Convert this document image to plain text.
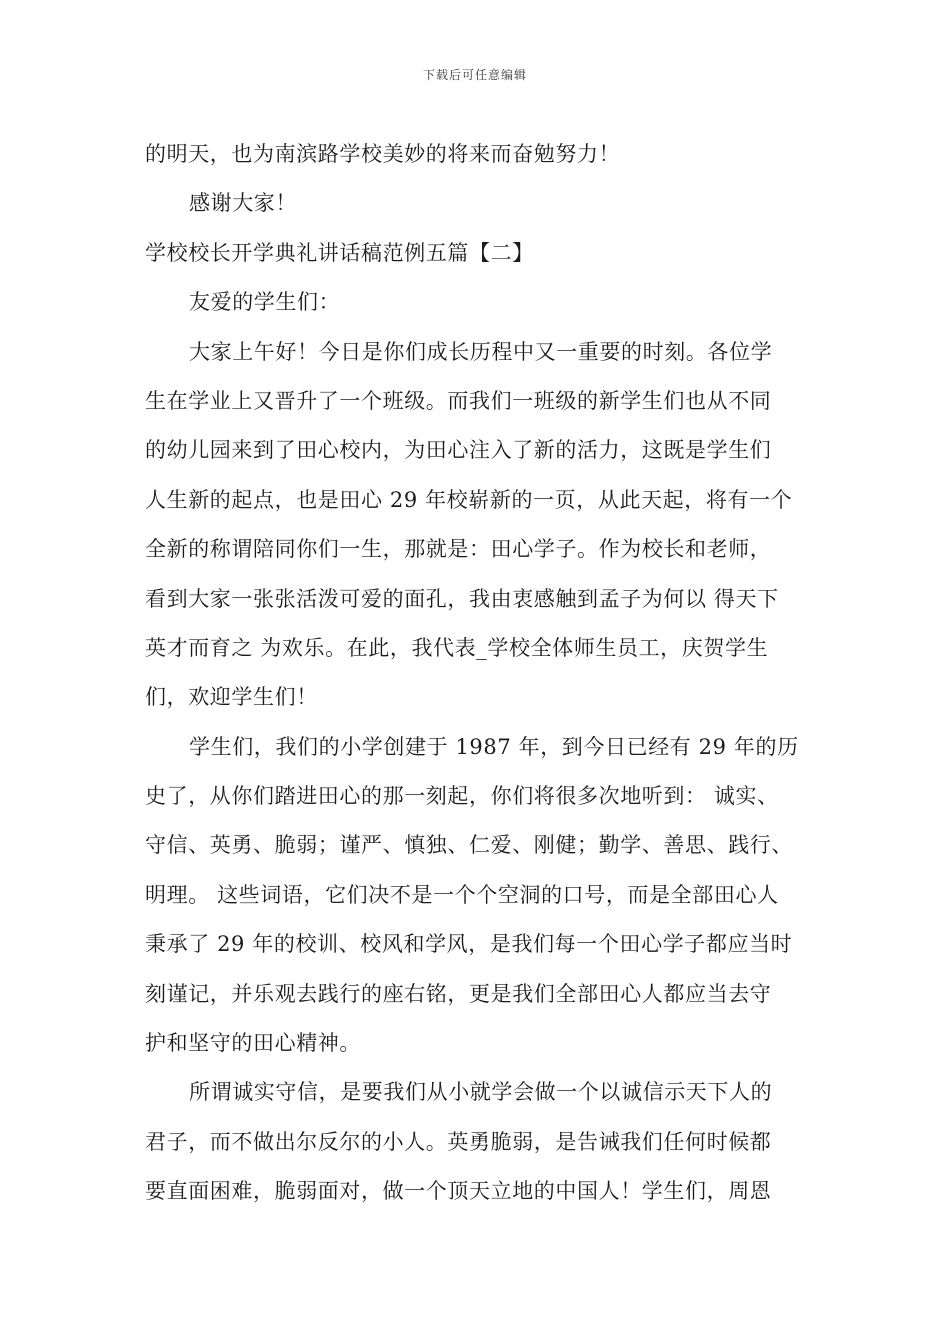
下载后可任意编辑
的明天，也为南滨路学校美妙的将来而奋勉努力！
感谢大家！
学校校长开学典礼讲话稿范例五篇【二】
友爱的学生们：
大家上午好！今日是你们成长历程中又一重要的时刻。各位学
生在学业上又晋升了一个班级。而我们一班级的新学生们也从不同
的幼儿园来到了田心校内，为田心注入了新的活力，这既是学生们
人生新的起点，也是田心 29 年校崭新的一页，从此天起，将有一个
全新的称谓陪同你们一生，那就是：田心学子。作为校长和老师，
看到大家一张张活泼可爱的面孔，我由衷感触到孟子为何以 得天下
英才而育之 为欢乐。在此，我代表_学校全体师生员工，庆贺学生
们，欢迎学生们！
学生们，我们的小学创建于 1987 年，到今日已经有 29 年的历
史了，从你们踏进田心的那一刻起，你们将很多次地听到： 诚实、
守信、英勇、脆弱；谨严、慎独、仁爱、刚健；勤学、善思、践行、
明理。 这些词语，它们决不是一个个空洞的口号，而是全部田心人
秉承了 29 年的校训、校风和学风，是我们每一个田心学子都应当时
刻谨记，并乐观去践行的座右铭，更是我们全部田心人都应当去守
护和坚守的田心精神。
所谓诚实守信，是要我们从小就学会做一个以诚信示天下人的
君子，而不做出尔反尔的小人。英勇脆弱，是告诫我们任何时候都
要直面困难，脆弱面对，做一个顶天立地的中国人！学生们，周恩
